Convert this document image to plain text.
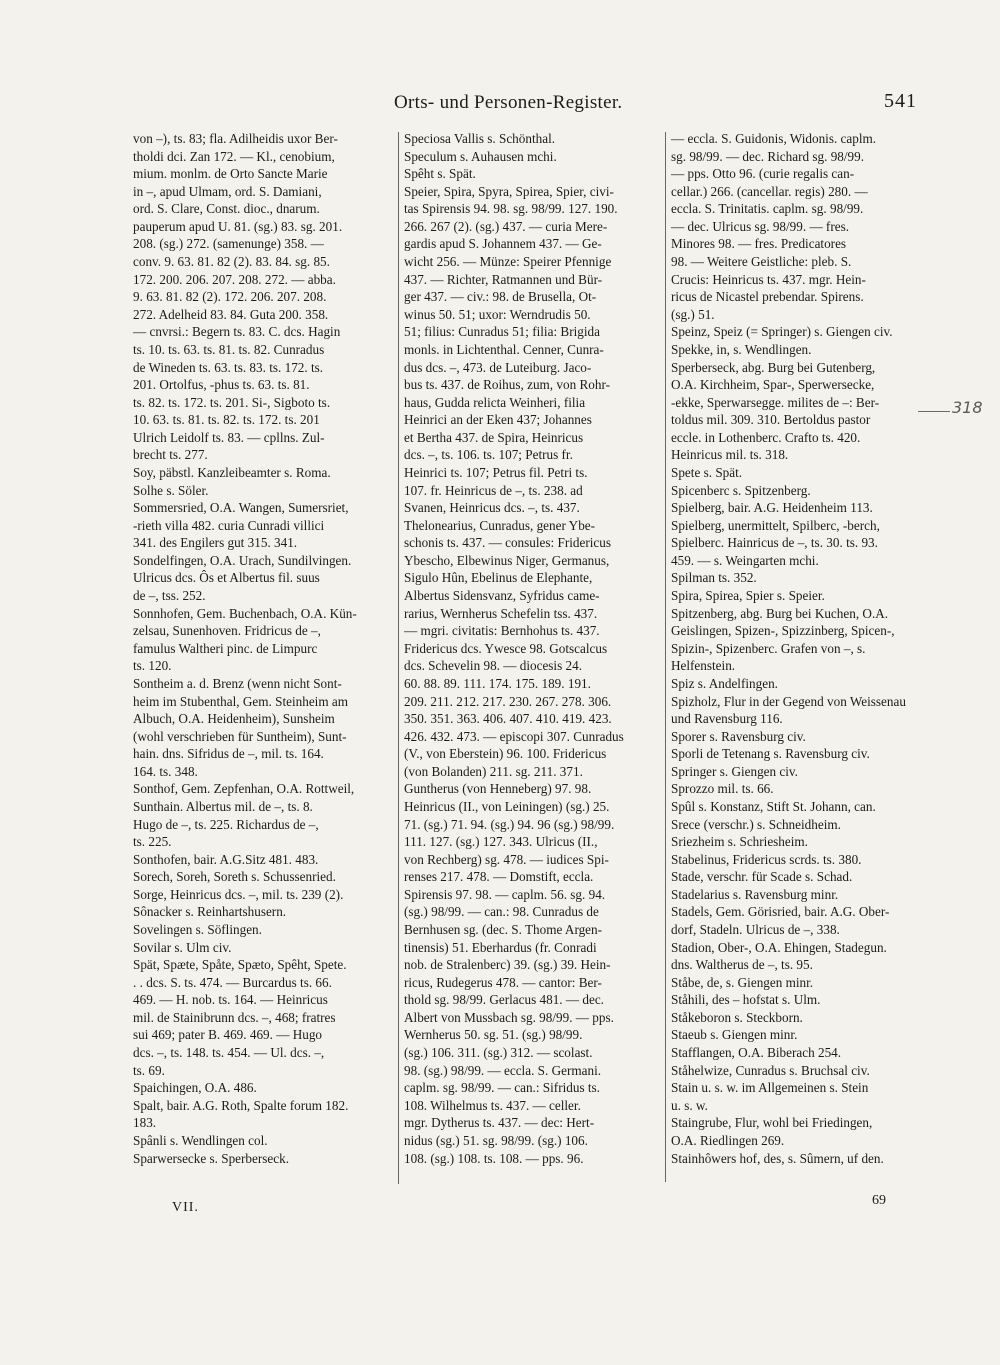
Orts- und Personen-Register.	541
von –), ts. 83; fla. Adilheidis uxor Ber-
tholdi dci. Zan 172. — Kl., cenobium,
mium. monlm. de Orto Sancte Marie
in –, apud Ulmam, ord. S. Damiani,
ord. S. Clare, Const. dioc., dnarum.
pauperum apud U. 81. (sg.) 83. sg. 201.
208. (sg.) 272. (samenunge) 358. —
conv. 9. 63. 81. 82 (2). 83. 84. sg. 85.
172. 200. 206. 207. 208. 272. — abba.
9. 63. 81. 82 (2). 172. 206. 207. 208.
272. Adelheid 83. 84. Guta 200. 358.
— cnvrsi.: Begern ts. 83. C. dcs. Hagin
ts. 10. ts. 63. ts. 81. ts. 82. Cunradus
de Wineden ts. 63. ts. 83. ts. 172. ts.
201. Ortolfus, -phus ts. 63. ts. 81.
ts. 82. ts. 172. ts. 201. Si-, Sigboto ts.
10. 63. ts. 81. ts. 82. ts. 172. ts. 201
Ulrich Leidolf ts. 83. — cpllns. Zul-
brecht ts. 277.
Soy, päbstl. Kanzleibeamter s. Roma.
Solhe s. Söler.
Sommersried, O.A. Wangen, Sumersriet,
-rieth villa 482. curia Cunradi villici
341. des Engilers gut 315. 341.
Sondelfingen, O.A. Urach, Sundilvingen.
Ulricus dcs. Ôs et Albertus fil. suus
de –, tss. 252.
Sonnhofen, Gem. Buchenbach, O.A. Kün-
zelsau, Sunenhoven. Fridricus de –,
famulus Waltheri pinc. de Limpurc
ts. 120.
Sontheim a. d. Brenz (wenn nicht Sont-
heim im Stubenthal, Gem. Steinheim am
Albuch, O.A. Heidenheim), Sunsheim
(wohl verschrieben für Suntheim), Sunt-
hain. dns. Sifridus de –, mil. ts. 164.
164. ts. 348.
Sonthof, Gem. Zepfenhan, O.A. Rottweil,
Sunthain. Albertus mil. de –, ts. 8.
Hugo de –, ts. 225. Richardus de –,
ts. 225.
Sonthofen, bair. A.G.Sitz 481. 483.
Sorech, Soreh, Soreth s. Schussenried.
Sorge, Heinricus dcs. –, mil. ts. 239 (2).
Sônacker s. Reinhartshusern.
Sovelingen s. Söflingen.
Sovilar s. Ulm civ.
Spät, Spæte, Spåte, Spæto, Spêht, Spete.
. . dcs. S. ts. 474. — Burcardus ts. 66.
469. — H. nob. ts. 164. — Heinricus
mil. de Stainibrunn dcs. –, 468; fratres
sui 469; pater B. 469. 469. — Hugo
dcs. –, ts. 148. ts. 454. — Ul. dcs. –,
ts. 69.
Spaichingen, O.A. 486.
Spalt, bair. A.G. Roth, Spalte forum 182.
183.
Spânli s. Wendlingen col.
Sparwersecke s. Sperberseck.
Speciosa Vallis s. Schönthal.
Speculum s. Auhausen mchi.
Spêht s. Spät.
Speier, Spira, Spyra, Spirea, Spier, civi-
tas Spirensis 94. 98. sg. 98/99. 127. 190.
266. 267 (2). (sg.) 437. — curia Mere-
gardis apud S. Johannem 437. — Ge-
wicht 256. — Münze: Speirer Pfennige
437. — Richter, Ratmannen und Bür-
ger 437. — civ.: 98. de Brusella, Ot-
winus 50. 51; uxor: Werndrudis 50.
51; filius: Cunradus 51; filia: Brigida
monls. in Lichtenthal. Cenner, Cunra-
dus dcs. –, 473. de Luteiburg. Jaco-
bus ts. 437. de Roihus, zum, von Rohr-
haus, Gudda relicta Weinheri, filia
Heinrici an der Eken 437; Johannes
et Bertha 437. de Spira, Heinricus
dcs. –, ts. 106. ts. 107; Petrus fr.
Heinrici ts. 107; Petrus fil. Petri ts.
107. fr. Heinricus de –, ts. 238. ad
Svanen, Heinricus dcs. –, ts. 437.
Thelonearius, Cunradus, gener Ybe-
schonis ts. 437. — consules: Fridericus
Ybescho, Elbewinus Niger, Germanus,
Sigulo Hûn, Ebelinus de Elephante,
Albertus Sidensvanz, Syfridus came-
rarius, Wernherus Schefelin tss. 437.
— mgri. civitatis: Bernhohus ts. 437.
Fridericus dcs. Ywesce 98. Gotscalcus
dcs. Schevelin 98. — diocesis 24.
60. 88. 89. 111. 174. 175. 189. 191.
209. 211. 212. 217. 230. 267. 278. 306.
350. 351. 363. 406. 407. 410. 419. 423.
426. 432. 473. — episcopi 307. Cunradus
(V., von Eberstein) 96. 100. Fridericus
(von Bolanden) 211. sg. 211. 371.
Guntherus (von Henneberg) 97. 98.
Heinricus (II., von Leiningen) (sg.) 25.
71. (sg.) 71. 94. (sg.) 94. 96 (sg.) 98/99.
111. 127. (sg.) 127. 343. Ulricus (II.,
von Rechberg) sg. 478. — iudices Spi-
renses 217. 478. — Domstift, eccla.
Spirensis 97. 98. — caplm. 56. sg. 94.
(sg.) 98/99. — can.: 98. Cunradus de
Bernhusen sg. (dec. S. Thome Argen-
tinensis) 51. Eberhardus (fr. Conradi
nob. de Stralenberc) 39. (sg.) 39. Hein-
ricus, Rudegerus 478. — cantor: Ber-
thold sg. 98/99. Gerlacus 481. — dec.
Albert von Mussbach sg. 98/99. — pps.
Wernherus 50. sg. 51. (sg.) 98/99.
(sg.) 106. 311. (sg.) 312. — scolast.
98. (sg.) 98/99. — eccla. S. Germani.
caplm. sg. 98/99. — can.: Sifridus ts.
108. Wilhelmus ts. 437. — celler.
mgr. Dytherus ts. 437. — dec: Hert-
nidus (sg.) 51. sg. 98/99. (sg.) 106.
108. (sg.) 108. ts. 108. — pps. 96.
— eccla. S. Guidonis, Widonis. caplm.
sg. 98/99. — dec. Richard sg. 98/99.
— pps. Otto 96. (curie regalis can-
cellar.) 266. (cancellar. regis) 280. —
eccla. S. Trinitatis. caplm. sg. 98/99.
— dec. Ulricus sg. 98/99. — fres.
Minores 98. — fres. Predicatores
98. — Weitere Geistliche: pleb. S.
Crucis: Heinricus ts. 437. mgr. Hein-
ricus de Nicastel prebendar. Spirens.
(sg.) 51.
Speinz, Speiz (= Springer) s. Giengen civ.
Spekke, in, s. Wendlingen.
Sperberseck, abg. Burg bei Gutenberg,
O.A. Kirchheim, Spar-, Sperwersecke,
-ekke, Sperwarsegge. milites de –: Ber-
toldus mil. 309. 310. Bertoldus pastor
eccle. in Lothenberc. Crafto ts. 420.
Heinricus mil. ts. 318.
Spete s. Spät.
Spicenberc s. Spitzenberg.
Spielberg, bair. A.G. Heidenheim 113.
Spielberg, unermittelt, Spilberc, -berch,
Spielberc. Hainricus de –, ts. 30. ts. 93.
459. — s. Weingarten mchi.
Spilman ts. 352.
Spira, Spirea, Spier s. Speier.
Spitzenberg, abg. Burg bei Kuchen, O.A.
Geislingen, Spizen-, Spizzinberg, Spicen-,
Spizin-, Spizenberc. Grafen von –, s.
Helfenstein.
Spiz s. Andelfingen.
Spizholz, Flur in der Gegend von Weissenau
und Ravensburg 116.
Sporer s. Ravensburg civ.
Sporli de Tetenang s. Ravensburg civ.
Springer s. Giengen civ.
Sprozzo mil. ts. 66.
Spûl s. Konstanz, Stift St. Johann, can.
Srece (verschr.) s. Schneidheim.
Sriezheim s. Schriesheim.
Stabelinus, Fridericus scrds. ts. 380.
Stade, verschr. für Scade s. Schad.
Stadelarius s. Ravensburg minr.
Stadels, Gem. Görisried, bair. A.G. Ober-
dorf, Stadeln. Ulricus de –, 338.
Stadion, Ober-, O.A. Ehingen, Stadegun.
dns. Waltherus de –, ts. 95.
Ståbe, de, s. Giengen minr.
Ståhili, des – hofstat s. Ulm.
Ståkeboron s. Steckborn.
Staeub s. Giengen minr.
Stafflangen, O.A. Biberach 254.
Ståhelwize, Cunradus s. Bruchsal civ.
Stain u. s. w. im Allgemeinen s. Stein
u. s. w.
Staingrube, Flur, wohl bei Friedingen,
O.A. Riedlingen 269.
Stainhôwers hof, des, s. Sûmern, uf den.
318
VII.	69
